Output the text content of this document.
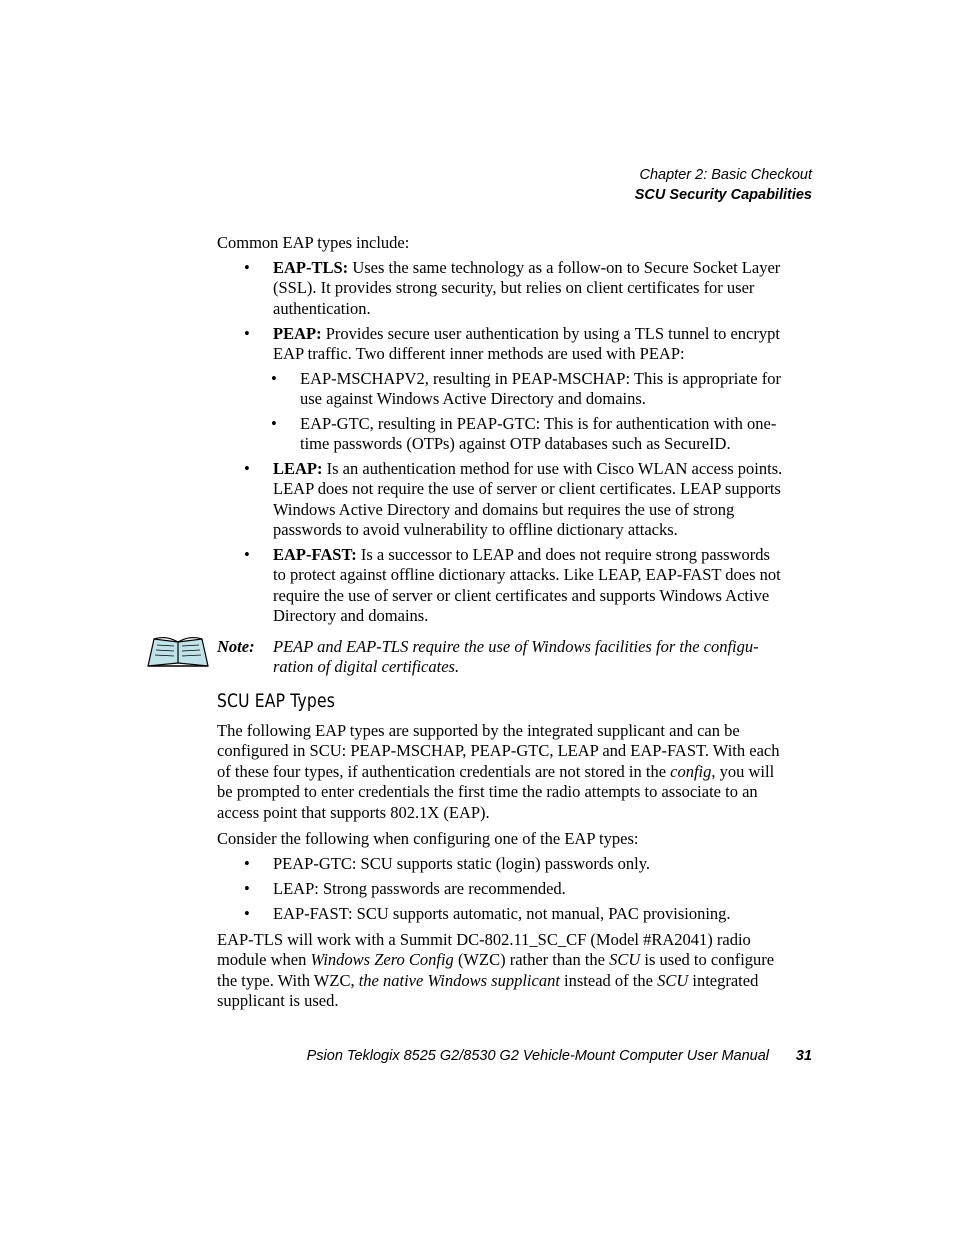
Chapter 2: Basic Checkout
SCU Security Capabilities
Common EAP types include:
• EAP-TLS: Uses the same technology as a follow-on to Secure Socket Layer (SSL). It provides strong security, but relies on client certificates for user authentication.
• PEAP: Provides secure user authentication by using a TLS tunnel to encrypt EAP traffic. Two different inner methods are used with PEAP:
• EAP-MSCHAPV2, resulting in PEAP-MSCHAP: This is appropriate for use against Windows Active Directory and domains.
• EAP-GTC, resulting in PEAP-GTC: This is for authentication with one-time passwords (OTPs) against OTP databases such as SecureID.
• LEAP: Is an authentication method for use with Cisco WLAN access points. LEAP does not require the use of server or client certificates. LEAP supports Windows Active Directory and domains but requires the use of strong passwords to avoid vulnerability to offline dictionary attacks.
• EAP-FAST: Is a successor to LEAP and does not require strong passwords to protect against offline dictionary attacks. Like LEAP, EAP-FAST does not require the use of server or client certificates and supports Windows Active Directory and domains.
Note: PEAP and EAP-TLS require the use of Windows facilities for the configu-ration of digital certificates.
SCU EAP Types
The following EAP types are supported by the integrated supplicant and can be configured in SCU: PEAP-MSCHAP, PEAP-GTC, LEAP and EAP-FAST. With each of these four types, if authentication credentials are not stored in the config, you will be prompted to enter credentials the first time the radio attempts to associate to an access point that supports 802.1X (EAP).
Consider the following when configuring one of the EAP types:
• PEAP-GTC: SCU supports static (login) passwords only.
• LEAP: Strong passwords are recommended.
• EAP-FAST: SCU supports automatic, not manual, PAC provisioning.
EAP-TLS will work with a Summit DC-802.11_SC_CF (Model #RA2041) radio module when Windows Zero Config (WZC) rather than the SCU is used to configure the type. With WZC, the native Windows supplicant instead of the SCU integrated supplicant is used.
Psion Teklogix 8525 G2/8530 G2 Vehicle-Mount Computer User Manual 31
